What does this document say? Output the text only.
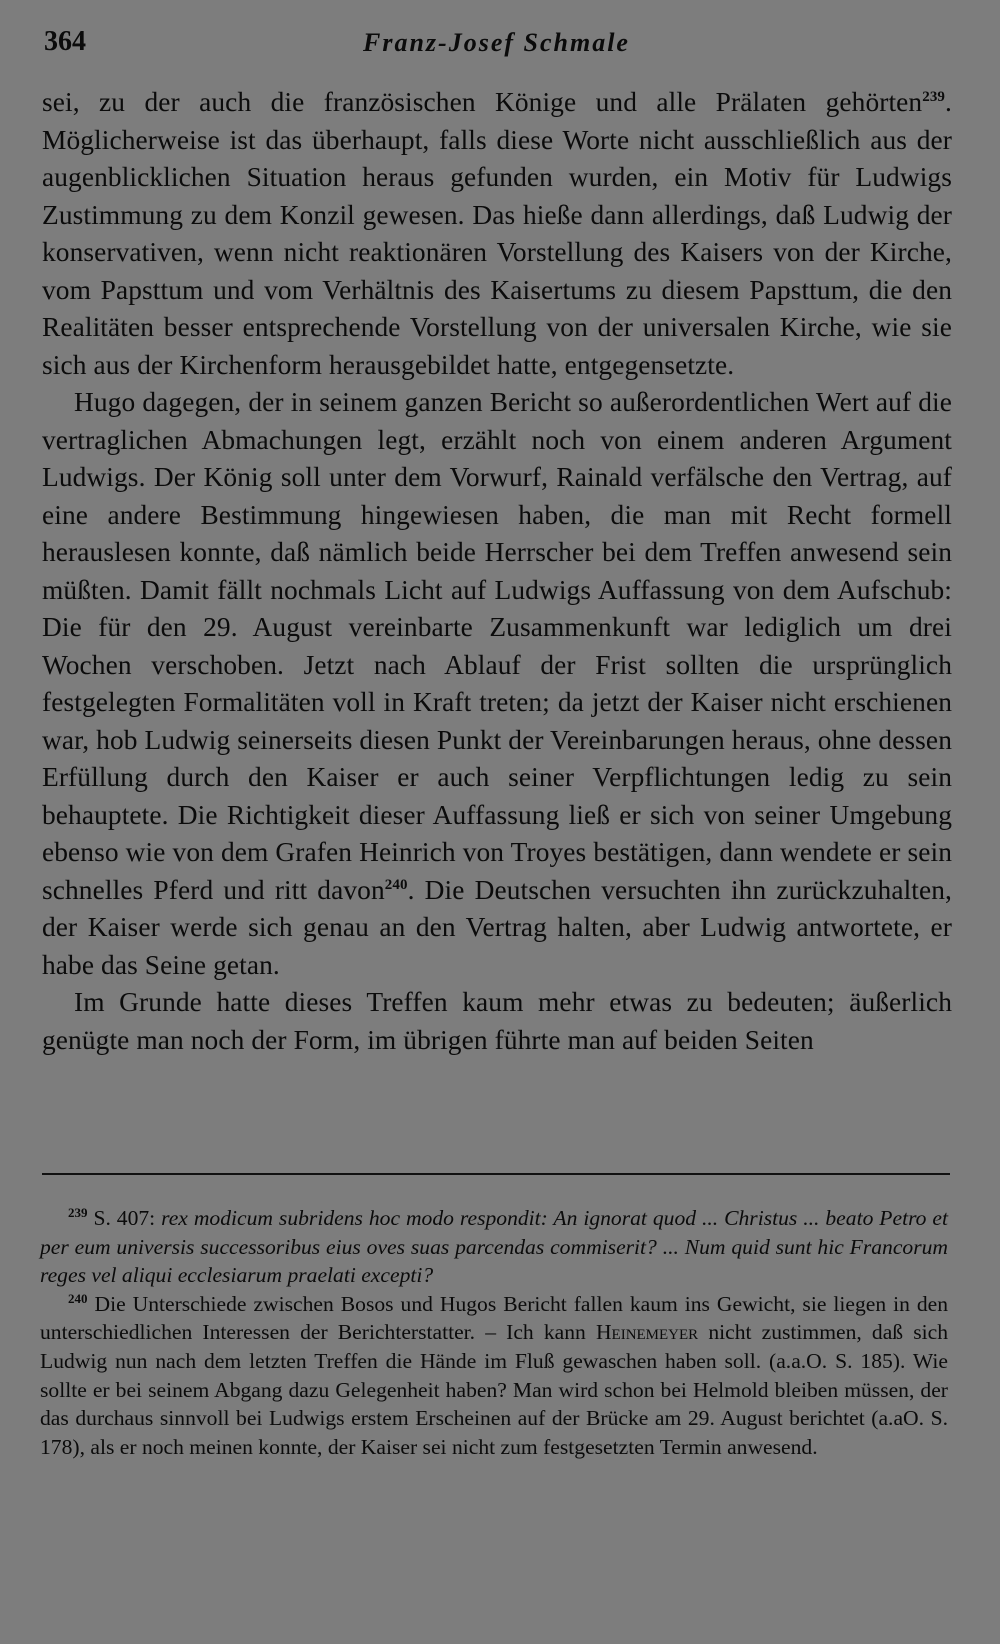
364	Franz-Josef Schmale

sei, zu der auch die französischen Könige und alle Prälaten gehörten$^{239}$. Möglicherweise ist das überhaupt, falls diese Worte nicht ausschließlich aus der augenblicklichen Situation heraus gefunden wurden, ein Motiv für Ludwigs Zustimmung zu dem Konzil gewesen. Das hieße dann allerdings, daß Ludwig der konservativen, wenn nicht reaktionären Vorstellung des Kaisers von der Kirche, vom Papsttum und vom Verhältnis des Kaisertums zu diesem Papsttum, die den Realitäten besser entsprechende Vorstellung von der universalen Kirche, wie sie sich aus der Kirchenform herausgebildet hatte, entgegensetzte.

Hugo dagegen, der in seinem ganzen Bericht so außerordentlichen Wert auf die vertraglichen Abmachungen legt, erzählt noch von einem anderen Argument Ludwigs. Der König soll unter dem Vorwurf, Rainald verfälsche den Vertrag, auf eine andere Bestimmung hingewiesen haben, die man mit Recht formell herauslesen konnte, daß nämlich beide Herrscher bei dem Treffen anwesend sein müßten. Damit fällt nochmals Licht auf Ludwigs Auffassung von dem Aufschub: Die für den 29. August vereinbarte Zusammenkunft war lediglich um drei Wochen verschoben. Jetzt nach Ablauf der Frist sollten die ursprünglich festgelegten Formalitäten voll in Kraft treten; da jetzt der Kaiser nicht erschienen war, hob Ludwig seinerseits diesen Punkt der Vereinbarungen heraus, ohne dessen Erfüllung durch den Kaiser er auch seiner Verpflichtungen ledig zu sein behauptete. Die Richtigkeit dieser Auffassung ließ er sich von seiner Umgebung ebenso wie von dem Grafen Heinrich von Troyes bestätigen, dann wendete er sein schnelles Pferd und ritt davon$^{240}$. Die Deutschen versuchten ihn zurückzuhalten, der Kaiser werde sich genau an den Vertrag halten, aber Ludwig antwortete, er habe das Seine getan.

Im Grunde hatte dieses Treffen kaum mehr etwas zu bedeuten; äußerlich genügte man noch der Form, im übrigen führte man auf beiden Seiten

$^{239}$ S. 407: rex modicum subridens hoc modo respondit: An ignorat quod ... Christus ... beato Petro et per eum universis successoribus eius oves suas parcendas commiserit? ... Num quid sunt hic Francorum reges vel aliqui ecclesiarum praelati excepti?

$^{240}$ Die Unterschiede zwischen Bosos und Hugos Bericht fallen kaum ins Gewicht, sie liegen in den unterschiedlichen Interessen der Berichterstatter. – Ich kann Heinemeyer nicht zustimmen, daß sich Ludwig nun nach dem letzten Treffen die Hände im Fluß gewaschen haben soll. (a.a.O. S. 185). Wie sollte er bei seinem Abgang dazu Gelegenheit haben? Man wird schon bei Helmold bleiben müssen, der das durchaus sinnvoll bei Ludwigs erstem Erscheinen auf der Brücke am 29. August berichtet (a.aO. S. 178), als er noch meinen konnte, der Kaiser sei nicht zum festgesetzten Termin anwesend.
